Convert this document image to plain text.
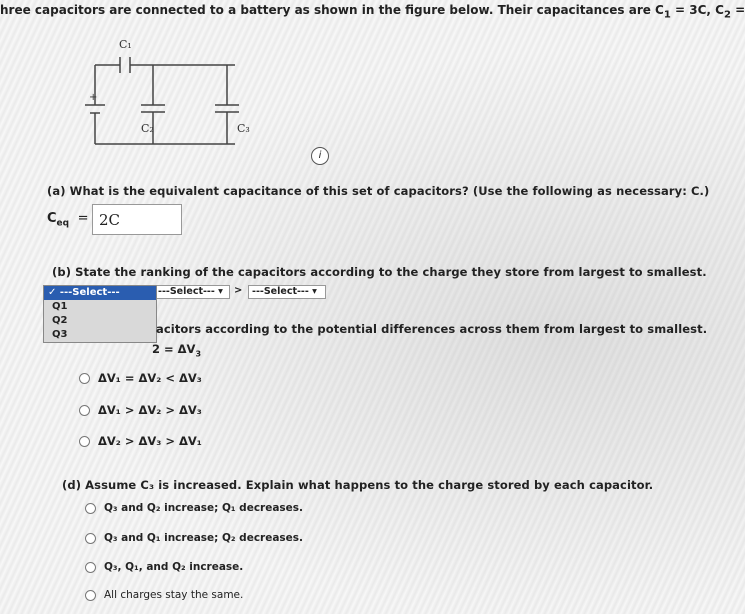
hree capacitors are connected to a battery as shown in the figure below. Their capacitances are $C_1 = 3C$, $C_2$ =
+
C₁
C₂	C₃
i
(a) What is the equivalent capacitance of this set of capacitors? (Use the following as necessary: C.)
$C_{eq} = 2C$
(b) State the ranking of the capacitors according to the charge they store from largest to smallest.
---Select--- ▾	>	---Select--- ▾
✓ ---Select---
Q1
Q2
Q3	acitors according to the potential differences across them from largest to smallest.
$2 = \Delta V_3$
ΔV₁ = ΔV₂ < ΔV₃
ΔV₁ > ΔV₂ > ΔV₃
ΔV₂ > ΔV₃ > ΔV₁
(d) Assume C₃ is increased. Explain what happens to the charge stored by each capacitor.
Q₃ and Q₂ increase; Q₁ decreases.
Q₃ and Q₁ increase; Q₂ decreases.
Q₃, Q₁, and Q₂ increase.
All charges stay the same.
